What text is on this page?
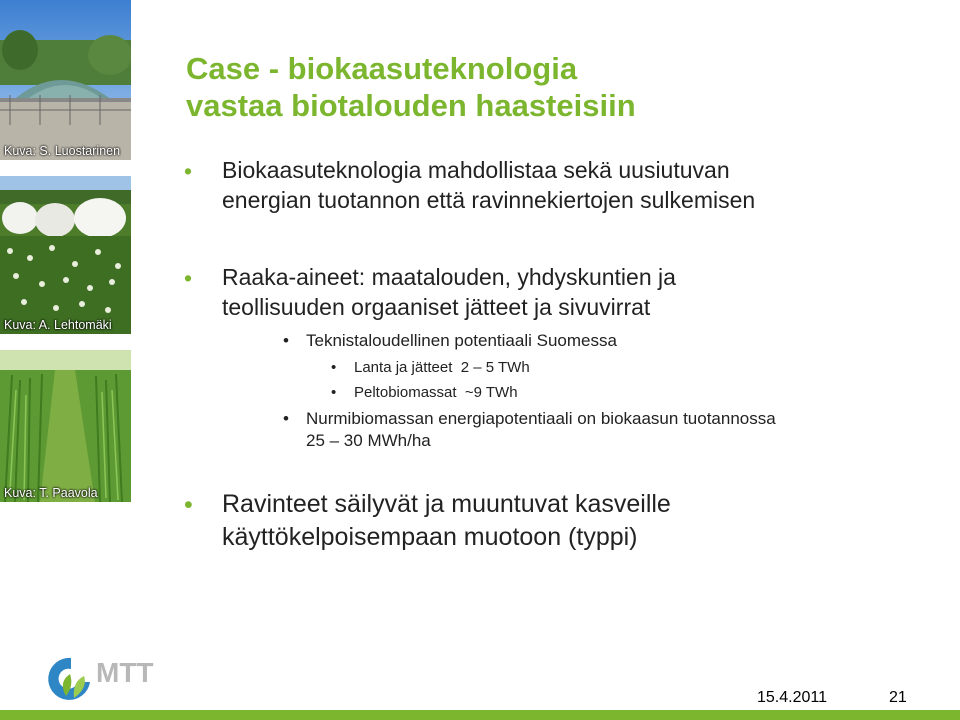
Kuva: S. Luostarinen
Kuva: A. Lehtomäki
Kuva: T. Paavola
Case - biokaasuteknologia
vastaa biotalouden haasteisiin
• Biokaasuteknologia mahdollistaa sekä uusiutuvan
energian tuotannon että ravinnekiertojen sulkemisen
• Raaka-aineet: maatalouden, yhdyskuntien ja
teollisuuden orgaaniset jätteet ja sivuvirrat
• Teknistaloudellinen potentiaali Suomessa
• Lanta ja jätteet  2 – 5 TWh
• Peltobiomassat  ~9 TWh
• Nurmibiomassan energiapotentiaali on biokaasun tuotannossa
25 – 30 MWh/ha
• Ravinteet säilyvät ja muuntuvat kasveille
käyttökelpoisempaan muotoon (typpi)
MTT
15.4.2011	21
